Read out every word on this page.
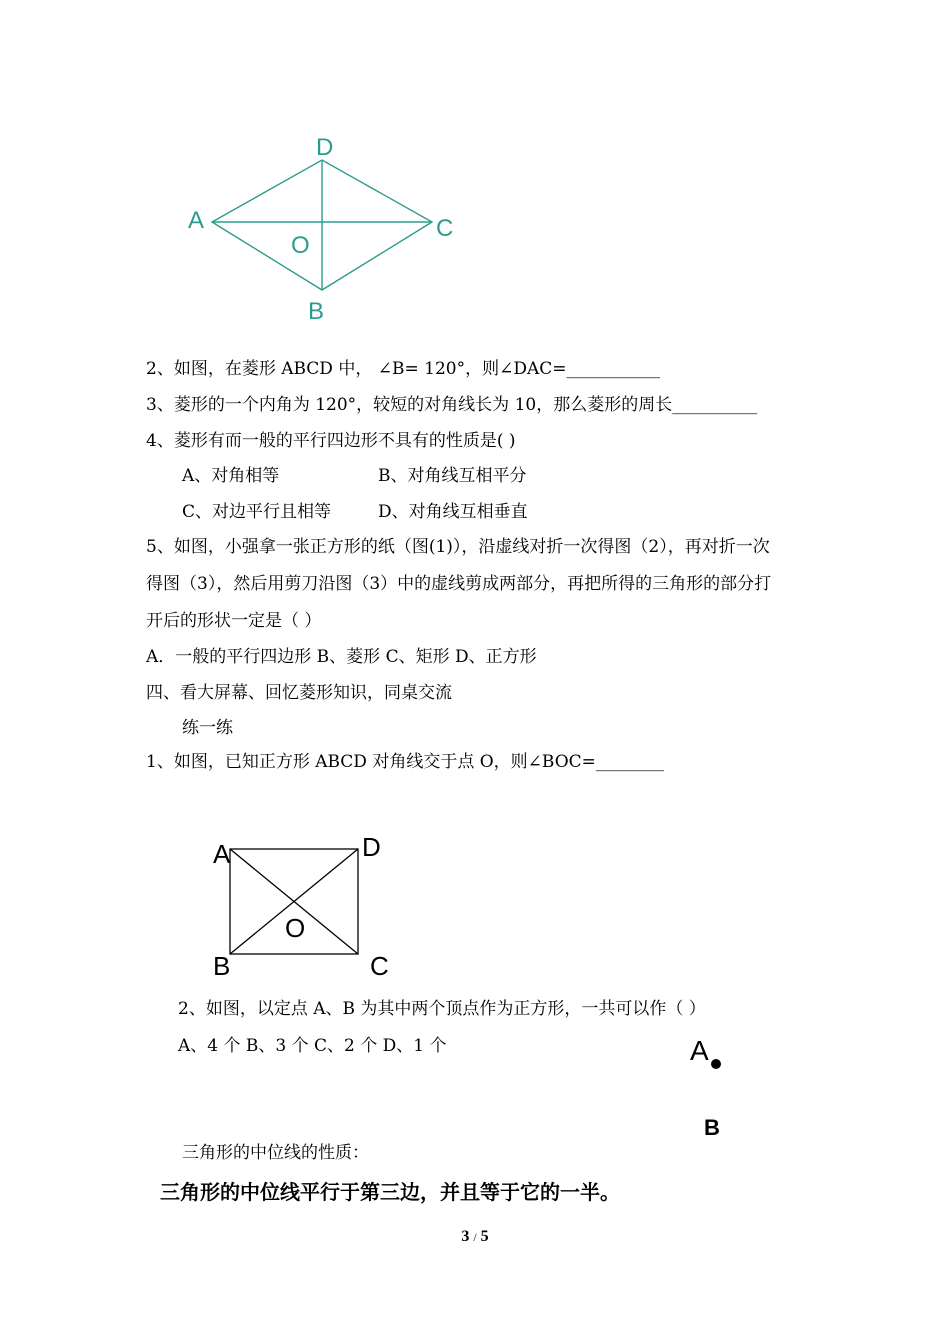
D
A	C
O
B
2、如图，在菱形 ABCD 中， ∠B= 120°，则∠DAC=___________
3、菱形的一个内角为 120°，较短的对角线长为 10，那么菱形的周长__________
4、菱形有而一般的平行四边形不具有的性质是( )
A、对角相等	B、对角线互相平分
C、对边平行且相等	D、对角线互相垂直
5、如图，小强拿一张正方形的纸（图(1)），沿虚线对折一次得图（2），再对折一次
得图（3），然后用剪刀沿图（3）中的虚线剪成两部分，再把所得的三角形的部分打
开后的形状一定是（ ）
A．一般的平行四边形 B、菱形 C、矩形 D、正方形
四、看大屏幕、回忆菱形知识，同桌交流
练一练
1、如图，已知正方形 ABCD 对角线交于点 O，则∠BOC=________
A	D
O
B	C
2、如图，以定点 A、B 为其中两个顶点作为正方形，一共可以作（ ）
A、4 个 B、3 个 C、2 个 D、1 个	A
B
三角形的中位线的性质：
三角形的中位线平行于第三边，并且等于它的一半。
3 / 5
